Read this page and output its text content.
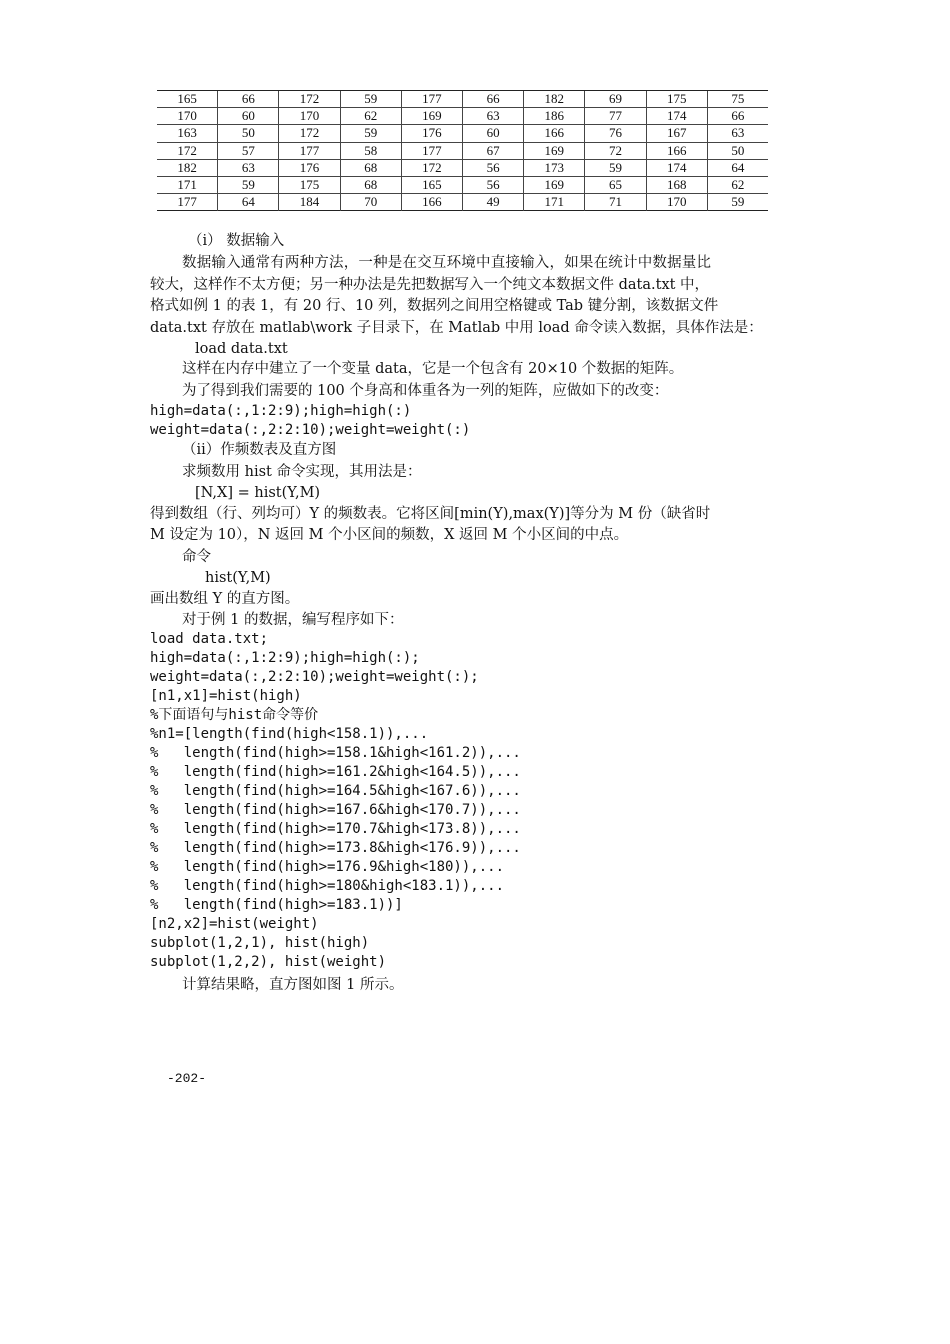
165	66	172	59	177	66	182	69	175	75
170	60	170	62	169	63	186	77	174	66
163	50	172	59	176	60	166	76	167	63
172	57	177	58	177	67	169	72	166	50
182	63	176	68	172	56	173	59	174	64
171	59	175	68	165	56	169	65	168	62
177	64	184	70	166	49	171	71	170	59
（i） 数据输入
数据输入通常有两种方法，一种是在交互环境中直接输入，如果在统计中数据量比
较大，这样作不太方便；另一种办法是先把数据写入一个纯文本数据文件 data.txt 中，
格式如例 1 的表 1，有 20 行、10 列，数据列之间用空格键或 Tab 键分割，该数据文件
data.txt 存放在 matlab\work 子目录下，在 Matlab 中用 load 命令读入数据，具体作法是：
load data.txt
这样在内存中建立了一个变量 data，它是一个包含有 20×10 个数据的矩阵。
为了得到我们需要的 100 个身高和体重各为一列的矩阵，应做如下的改变：
high=data(:,1:2:9);high=high(:)
weight=data(:,2:2:10);weight=weight(:)
（ii）作频数表及直方图
求频数用 hist 命令实现，其用法是：
[N,X] = hist(Y,M)
得到数组（行、列均可）Y 的频数表。它将区间[min(Y),max(Y)]等分为 M 份（缺省时
M 设定为 10），N 返回 M 个小区间的频数，X 返回 M 个小区间的中点。
命令
hist(Y,M)
画出数组 Y 的直方图。
对于例 1 的数据，编写程序如下：
load data.txt;
high=data(:,1:2:9);high=high(:);
weight=data(:,2:2:10);weight=weight(:);
[n1,x1]=hist(high)
%下面语句与hist命令等价
%n1=[length(find(high<158.1)),...
%   length(find(high>=158.1&high<161.2)),...
%   length(find(high>=161.2&high<164.5)),...
%   length(find(high>=164.5&high<167.6)),...
%   length(find(high>=167.6&high<170.7)),...
%   length(find(high>=170.7&high<173.8)),...
%   length(find(high>=173.8&high<176.9)),...
%   length(find(high>=176.9&high<180)),...
%   length(find(high>=180&high<183.1)),...
%   length(find(high>=183.1))]
[n2,x2]=hist(weight)
subplot(1,2,1), hist(high)
subplot(1,2,2), hist(weight)
计算结果略，直方图如图 1 所示。
-202-
